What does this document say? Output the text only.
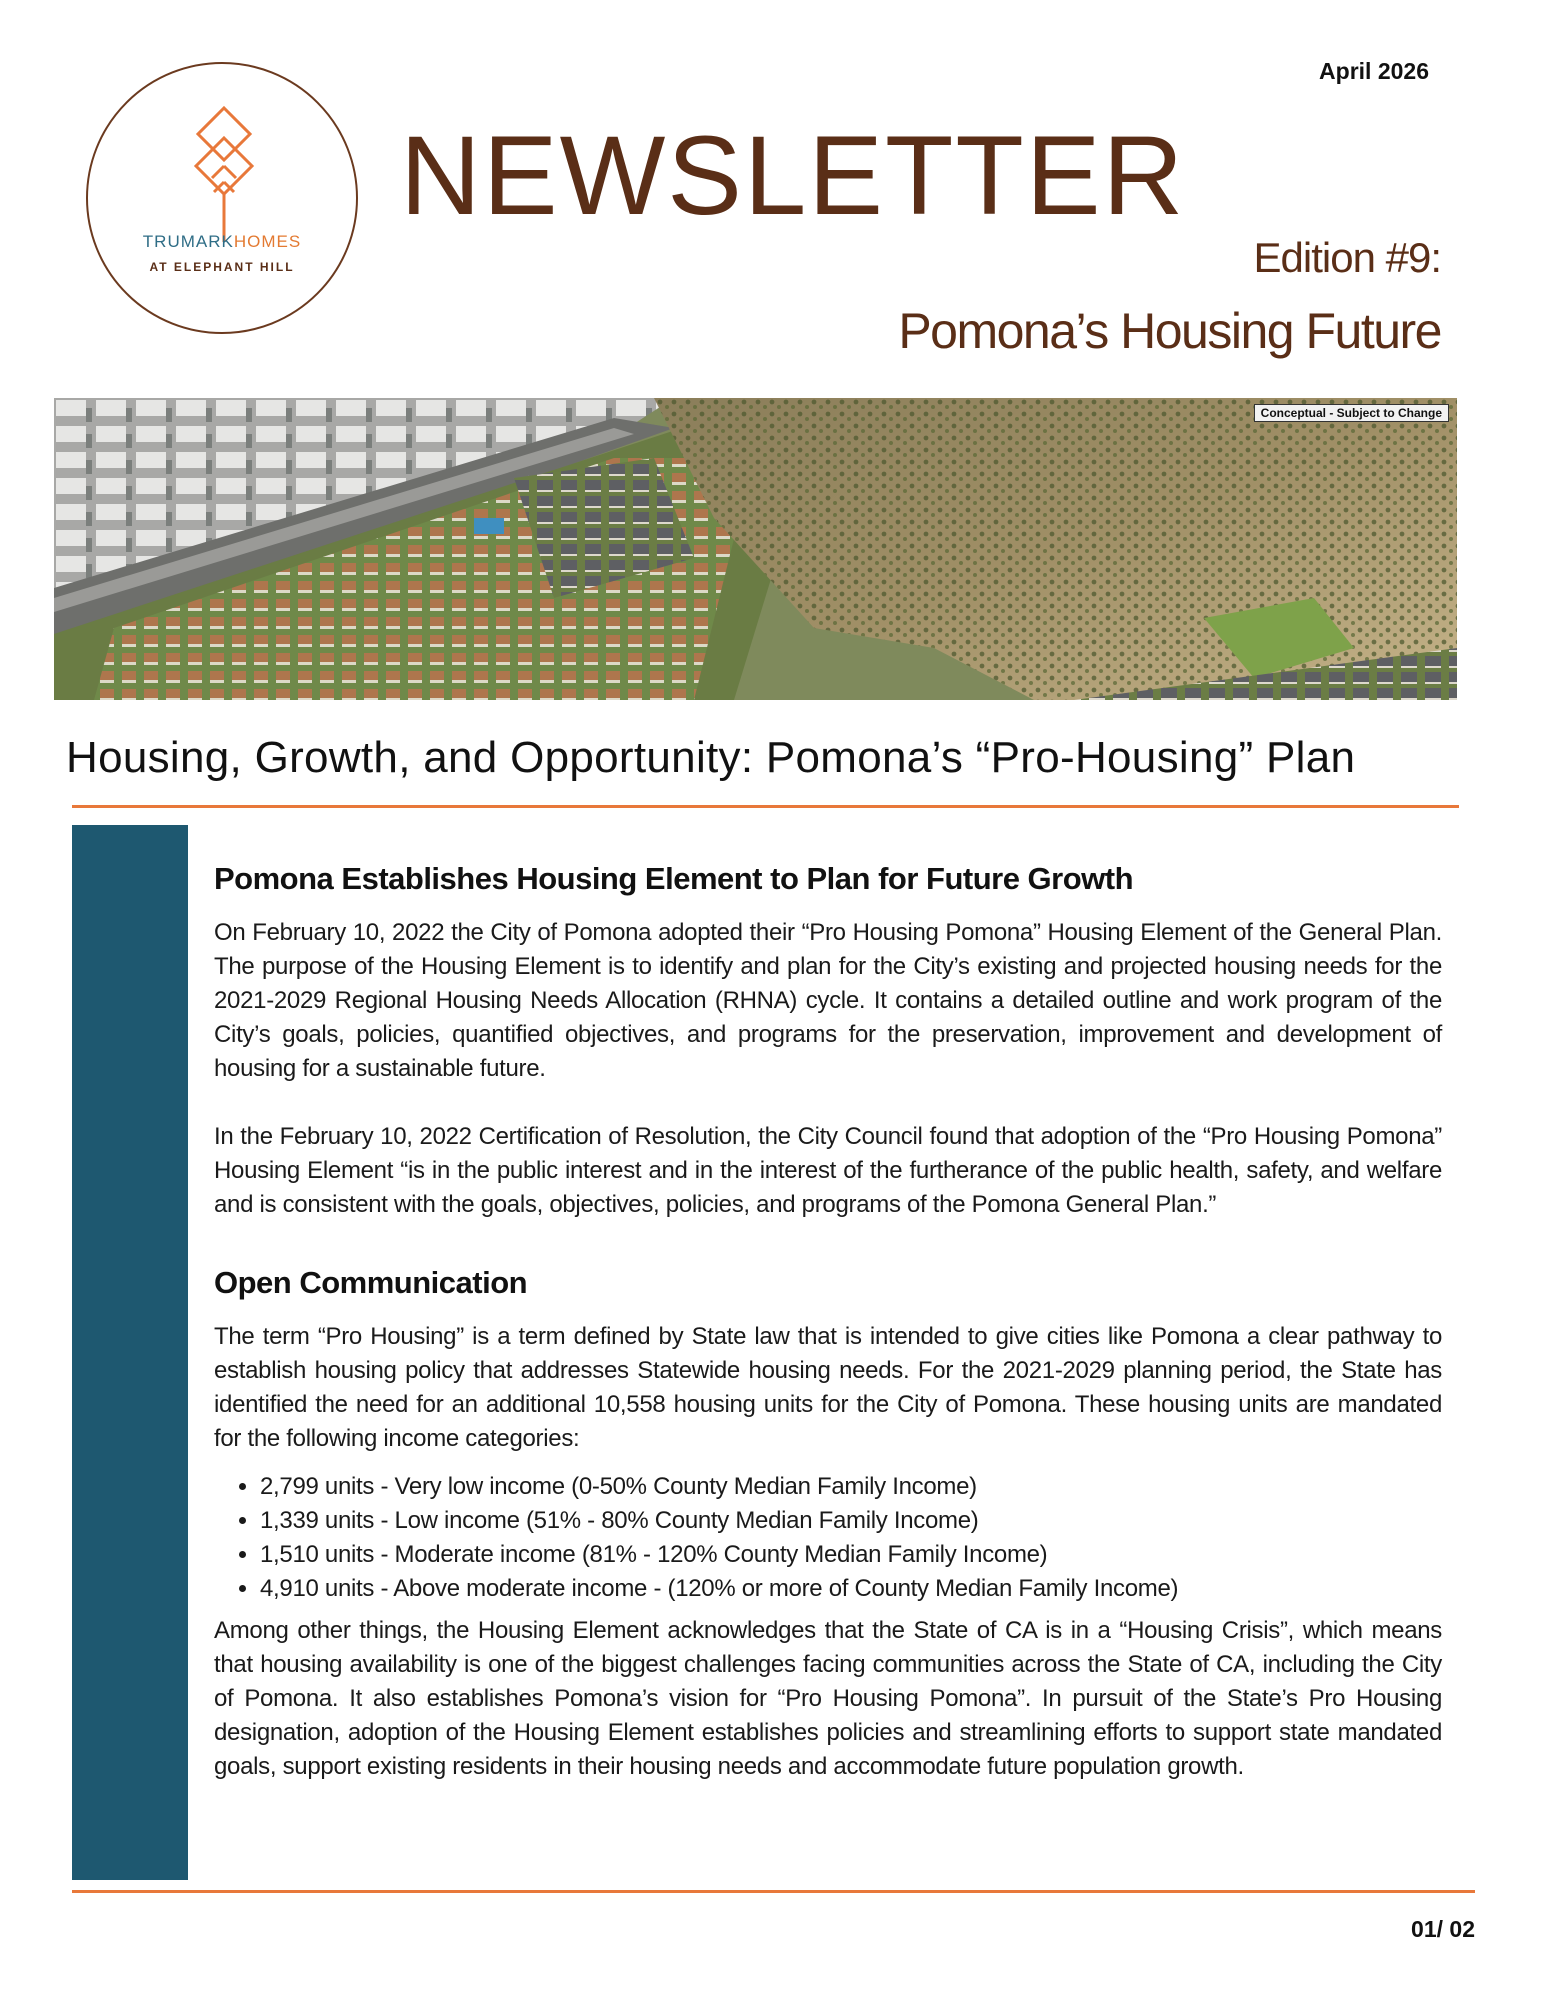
April 2026
TRUMARKHOMES
AT ELEPHANT HILL
NEWSLETTER
Edition #9:
Pomona’s Housing Future
Conceptual - Subject to Change
Housing, Growth, and Opportunity: Pomona’s “Pro-Housing” Plan
Pomona Establishes Housing Element to Plan for Future Growth

On February 10, 2022 the City of Pomona adopted their “Pro Housing Pomona” Housing Element of the General Plan. The purpose of the Housing Element is to identify and plan for the City’s existing and projected housing needs for the 2021-2029 Regional Housing Needs Allocation (RHNA) cycle. It contains a detailed outline and work program of the City’s goals, policies, quantified objectives, and programs for the preservation, improvement and development of housing for a sustainable future.

In the February 10, 2022 Certification of Resolution, the City Council found that adoption of the “Pro Housing Pomona” Housing Element “is in the public interest and in the interest of the furtherance of the public health, safety, and welfare and is consistent with the goals, objectives, policies, and programs of the Pomona General Plan.”

Open Communication

The term “Pro Housing” is a term defined by State law that is intended to give cities like Pomona a clear pathway to establish housing policy that addresses Statewide housing needs. For the 2021-2029 planning period, the State has identified the need for an additional 10,558 housing units for the City of Pomona. These housing units are mandated for the following income categories:

• 2,799 units - Very low income (0-50% County Median Family Income)
• 1,339 units - Low income (51% - 80% County Median Family Income)
• 1,510 units - Moderate income (81% - 120% County Median Family Income)
• 4,910 units - Above moderate income - (120% or more of County Median Family Income)

Among other things, the Housing Element acknowledges that the State of CA is in a “Housing Crisis”, which means that housing availability is one of the biggest challenges facing communities across the State of CA, including the City of Pomona. It also establishes Pomona’s vision for “Pro Housing Pomona”. In pursuit of the State’s Pro Housing designation, adoption of the Housing Element establishes policies and streamlining efforts to support state mandated goals, support existing residents in their housing needs and accommodate future population growth.

01/ 02
